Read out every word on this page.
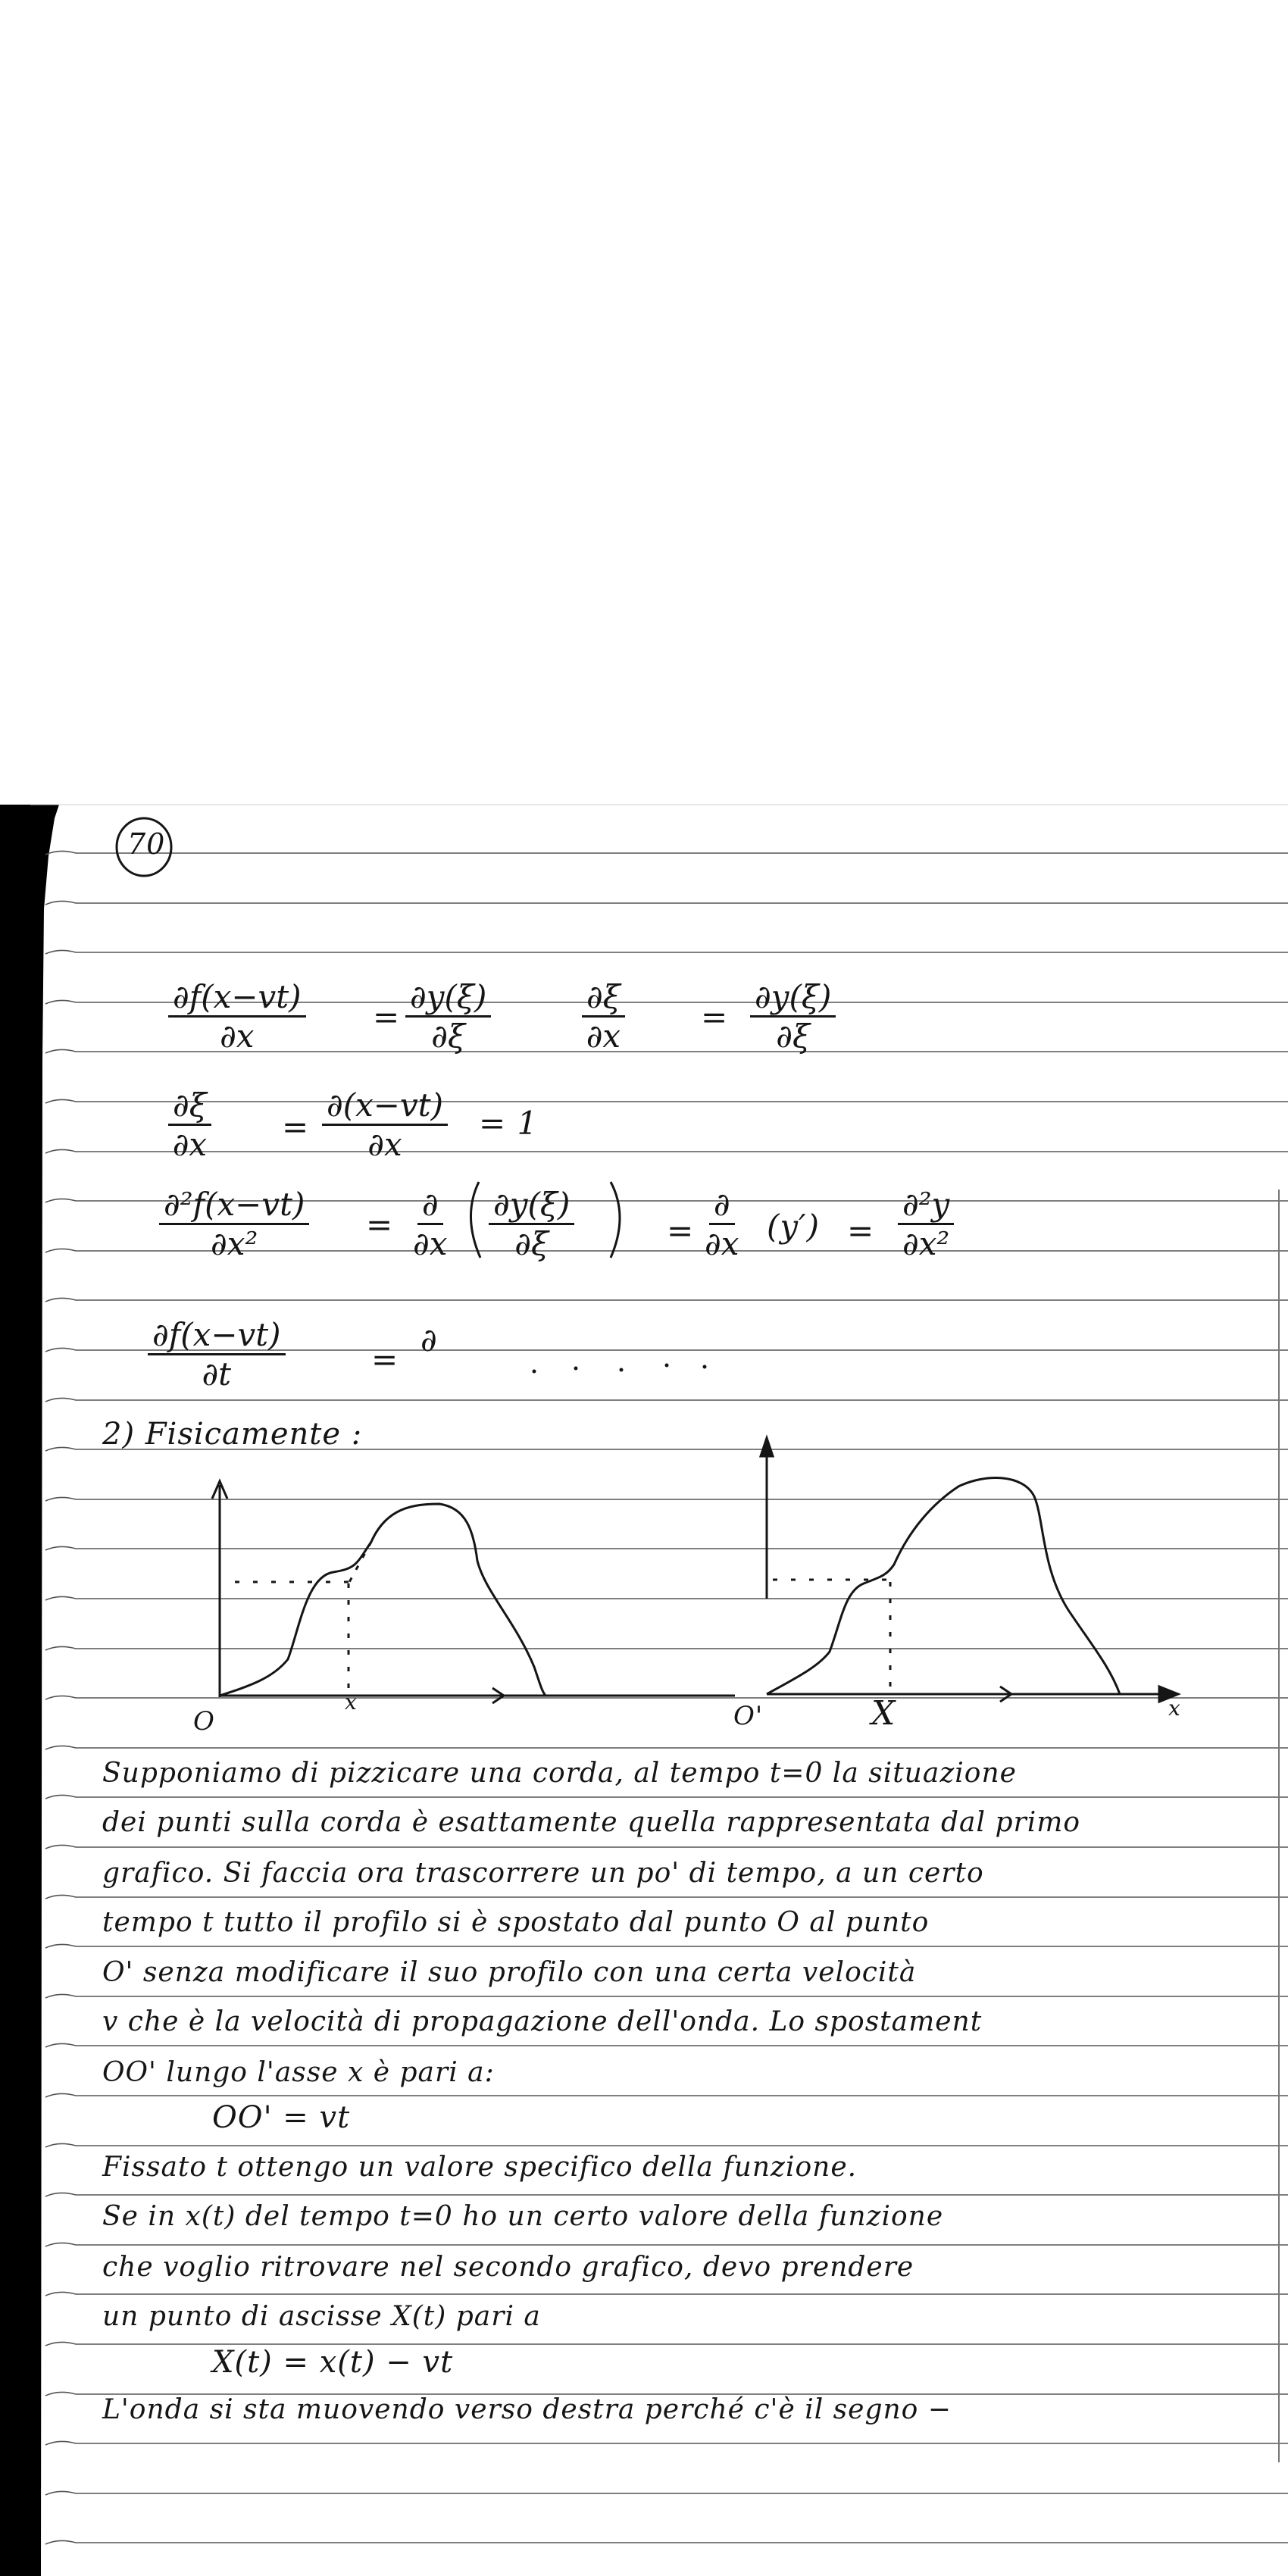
70
$\frac{\partial f(x-vt)}{\partial x} = \frac{\partial y(\xi)}{\partial\xi}$	$\frac{\partial\xi}{\partial x} = \frac{\partial y(\xi)}{\partial\xi}$
$\frac{\partial\xi}{\partial x} = \frac{\partial(x-vt)}{\partial x} = 1$
$\frac{\text{∂²f(x−vt)}}{\text{∂x²}}$ =
∂
$\partial x \frac{\partial y(\xi)}{\partial\xi}$	=
∂
∂x $(y') = \frac{\text{∂²y}}{\text{∂x²}}$
$\frac{\partial f(x-vt)}{\partial t}$	=
∂
2) Fisicamente :
O
x	O'	X	x
Supponiamo di pizzicare una corda, al tempo t=0 la situazione
dei punti sulla corda è esattamente quella rappresentata dal primo
grafico. Si faccia ora trascorrere un po' di tempo, a un certo
tempo t tutto il profilo si è spostato dal punto O al punto
O' senza modificare il suo profilo con una certa velocità
v che è la velocità di propagazione dell'onda. Lo spostament
OO' lungo l'asse x è pari a:
OO' = vt
Fissato t ottengo un valore specifico della funzione.
Se in x(t) del tempo t=0 ho un certo valore della funzione
che voglio ritrovare nel secondo grafico, devo prendere
un punto di ascisse X(t) pari a
X(t) = x(t) − vt
L'onda si sta muovendo verso destra perché c'è il segno −
